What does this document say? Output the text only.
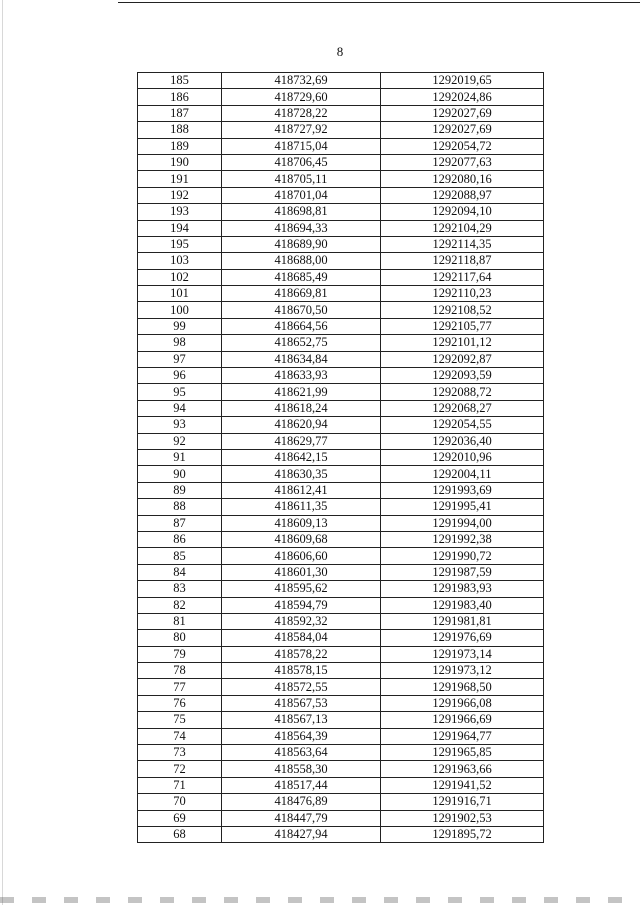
8
185	418732,69	1292019,65
186	418729,60	1292024,86
187	418728,22	1292027,69
188	418727,92	1292027,69
189	418715,04	1292054,72
190	418706,45	1292077,63
191	418705,11	1292080,16
192	418701,04	1292088,97
193	418698,81	1292094,10
194	418694,33	1292104,29
195	418689,90	1292114,35
103	418688,00	1292118,87
102	418685,49	1292117,64
101	418669,81	1292110,23
100	418670,50	1292108,52
99	418664,56	1292105,77
98	418652,75	1292101,12
97	418634,84	1292092,87
96	418633,93	1292093,59
95	418621,99	1292088,72
94	418618,24	1292068,27
93	418620,94	1292054,55
92	418629,77	1292036,40
91	418642,15	1292010,96
90	418630,35	1292004,11
89	418612,41	1291993,69
88	418611,35	1291995,41
87	418609,13	1291994,00
86	418609,68	1291992,38
85	418606,60	1291990,72
84	418601,30	1291987,59
83	418595,62	1291983,93
82	418594,79	1291983,40
81	418592,32	1291981,81
80	418584,04	1291976,69
79	418578,22	1291973,14
78	418578,15	1291973,12
77	418572,55	1291968,50
76	418567,53	1291966,08
75	418567,13	1291966,69
74	418564,39	1291964,77
73	418563,64	1291965,85
72	418558,30	1291963,66
71	418517,44	1291941,52
70	418476,89	1291916,71
69	418447,79	1291902,53
68	418427,94	1291895,72
